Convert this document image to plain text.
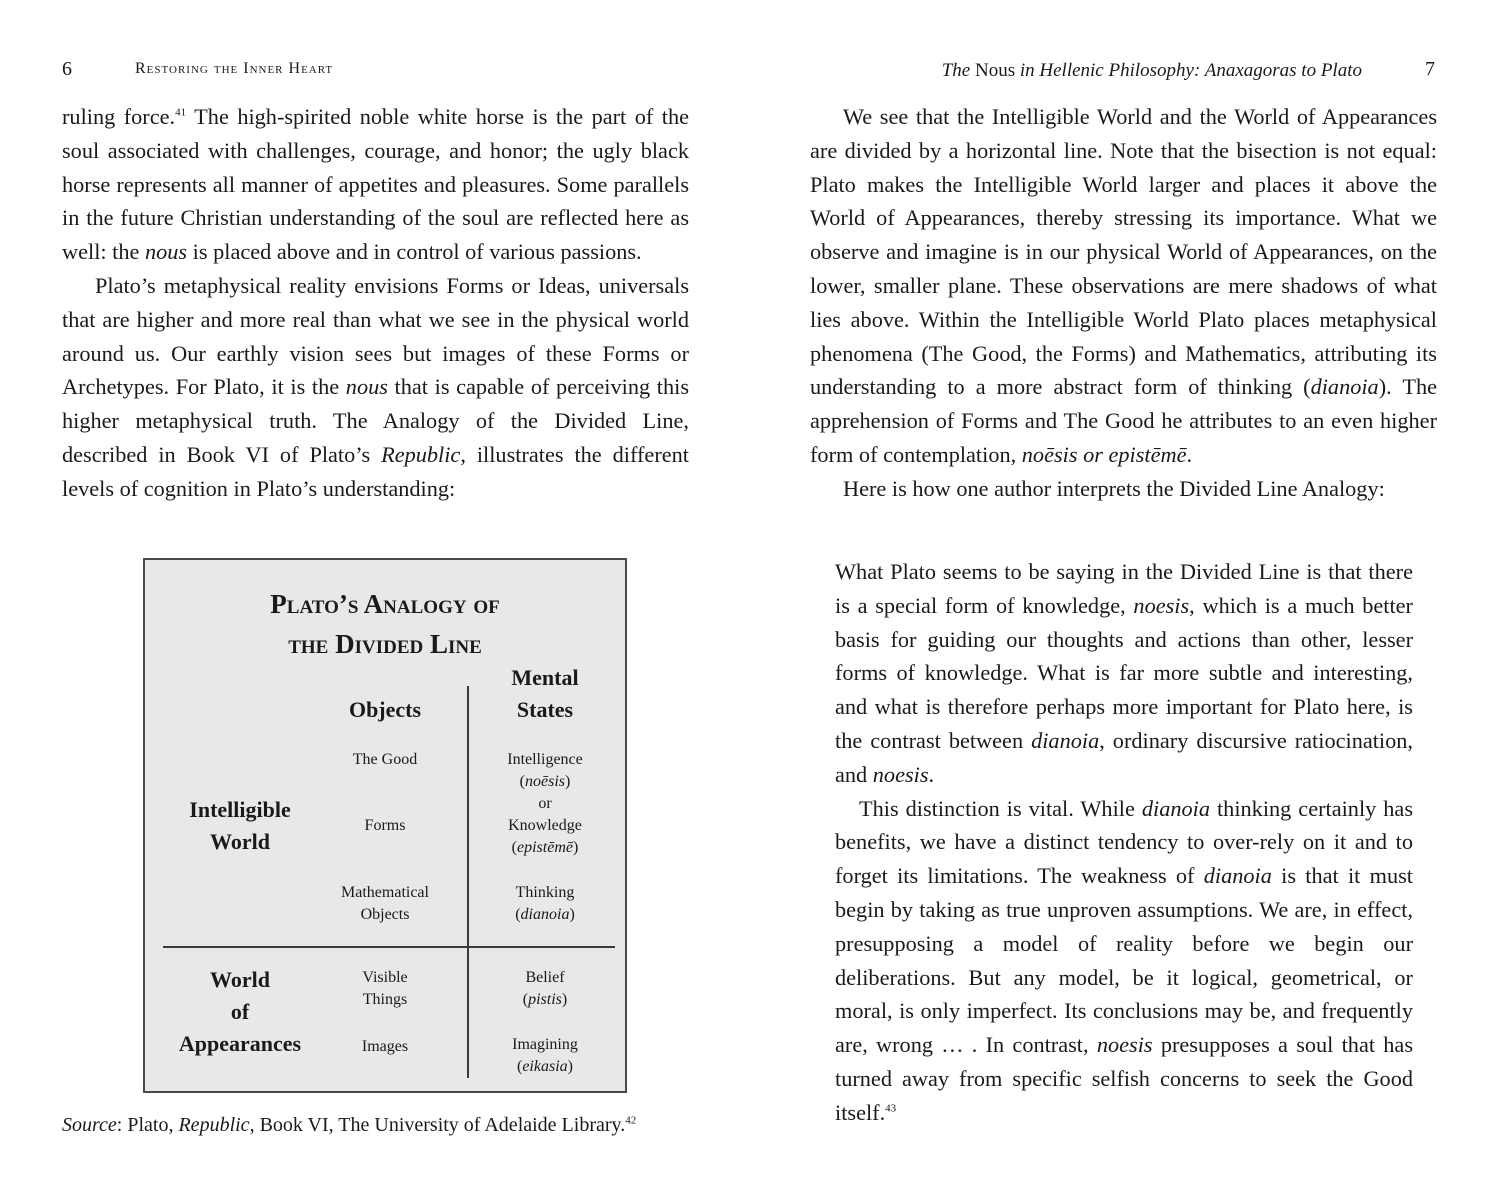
6	Restoring the Inner Heart

ruling force.$^{41}$ The high-spirited noble white horse is the part of the soul associated with challenges, courage, and honor; the ugly black horse represents all manner of appetites and pleasures. Some parallels in the future Christian understanding of the soul are reflected here as well: the nous is placed above and in control of various passions.

Plato’s metaphysical reality envisions Forms or Ideas, universals that are higher and more real than what we see in the physical world around us. Our earthly vision sees but images of these Forms or Archetypes. For Plato, it is the nous that is capable of perceiving this higher metaphysical truth. The Analogy of the Divided Line, described in Book VI of Plato’s Republic, illustrates the different levels of cognition in Plato’s understanding:

Plato’s Analogy of
the Divided Line
Objects
Mental
States
Intelligible
World
World
of
Appearances
The Good
Forms
Mathematical
Objects
Visible
Things
Images
Intelligence
(noēsis)
or
Knowledge
(epistēmē)
Thinking
(dianoia)
Belief
(pistis)
Imagining
(eikasia)
Source: Plato, Republic, Book VI, The University of Adelaide Library.$^{42}$
The Nous in Hellenic Philosophy: Anaxagoras to Plato	7

We see that the Intelligible World and the World of Appearances are divided by a horizontal line. Note that the bisection is not equal: Plato makes the Intelligible World larger and places it above the World of Appearances, thereby stressing its importance. What we observe and imagine is in our physical World of Appearances, on the lower, smaller plane. These observations are mere shadows of what lies above. Within the Intelligible World Plato places metaphysical phenomena (The Good, the Forms) and Mathematics, attributing its understanding to a more abstract form of thinking (dianoia). The apprehension of Forms and The Good he attributes to an even higher form of contemplation, noēsis or epistēmē.

Here is how one author interprets the Divided Line Analogy:

What Plato seems to be saying in the Divided Line is that there is a special form of knowledge, noesis, which is a much better basis for guiding our thoughts and actions than other, lesser forms of knowledge. What is far more subtle and interesting, and what is therefore perhaps more important for Plato here, is the contrast between dianoia, ordinary discursive ratiocination, and noesis.

This distinction is vital. While dianoia thinking certainly has benefits, we have a distinct tendency to over-rely on it and to forget its limitations. The weakness of dianoia is that it must begin by taking as true unproven assumptions. We are, in effect, presupposing a model of reality before we begin our deliberations. But any model, be it logical, geometrical, or moral, is only imperfect. Its conclusions may be, and frequently are, wrong … . In contrast, noesis presupposes a soul that has turned away from specific selfish concerns to seek the Good itself.$^{43}$
